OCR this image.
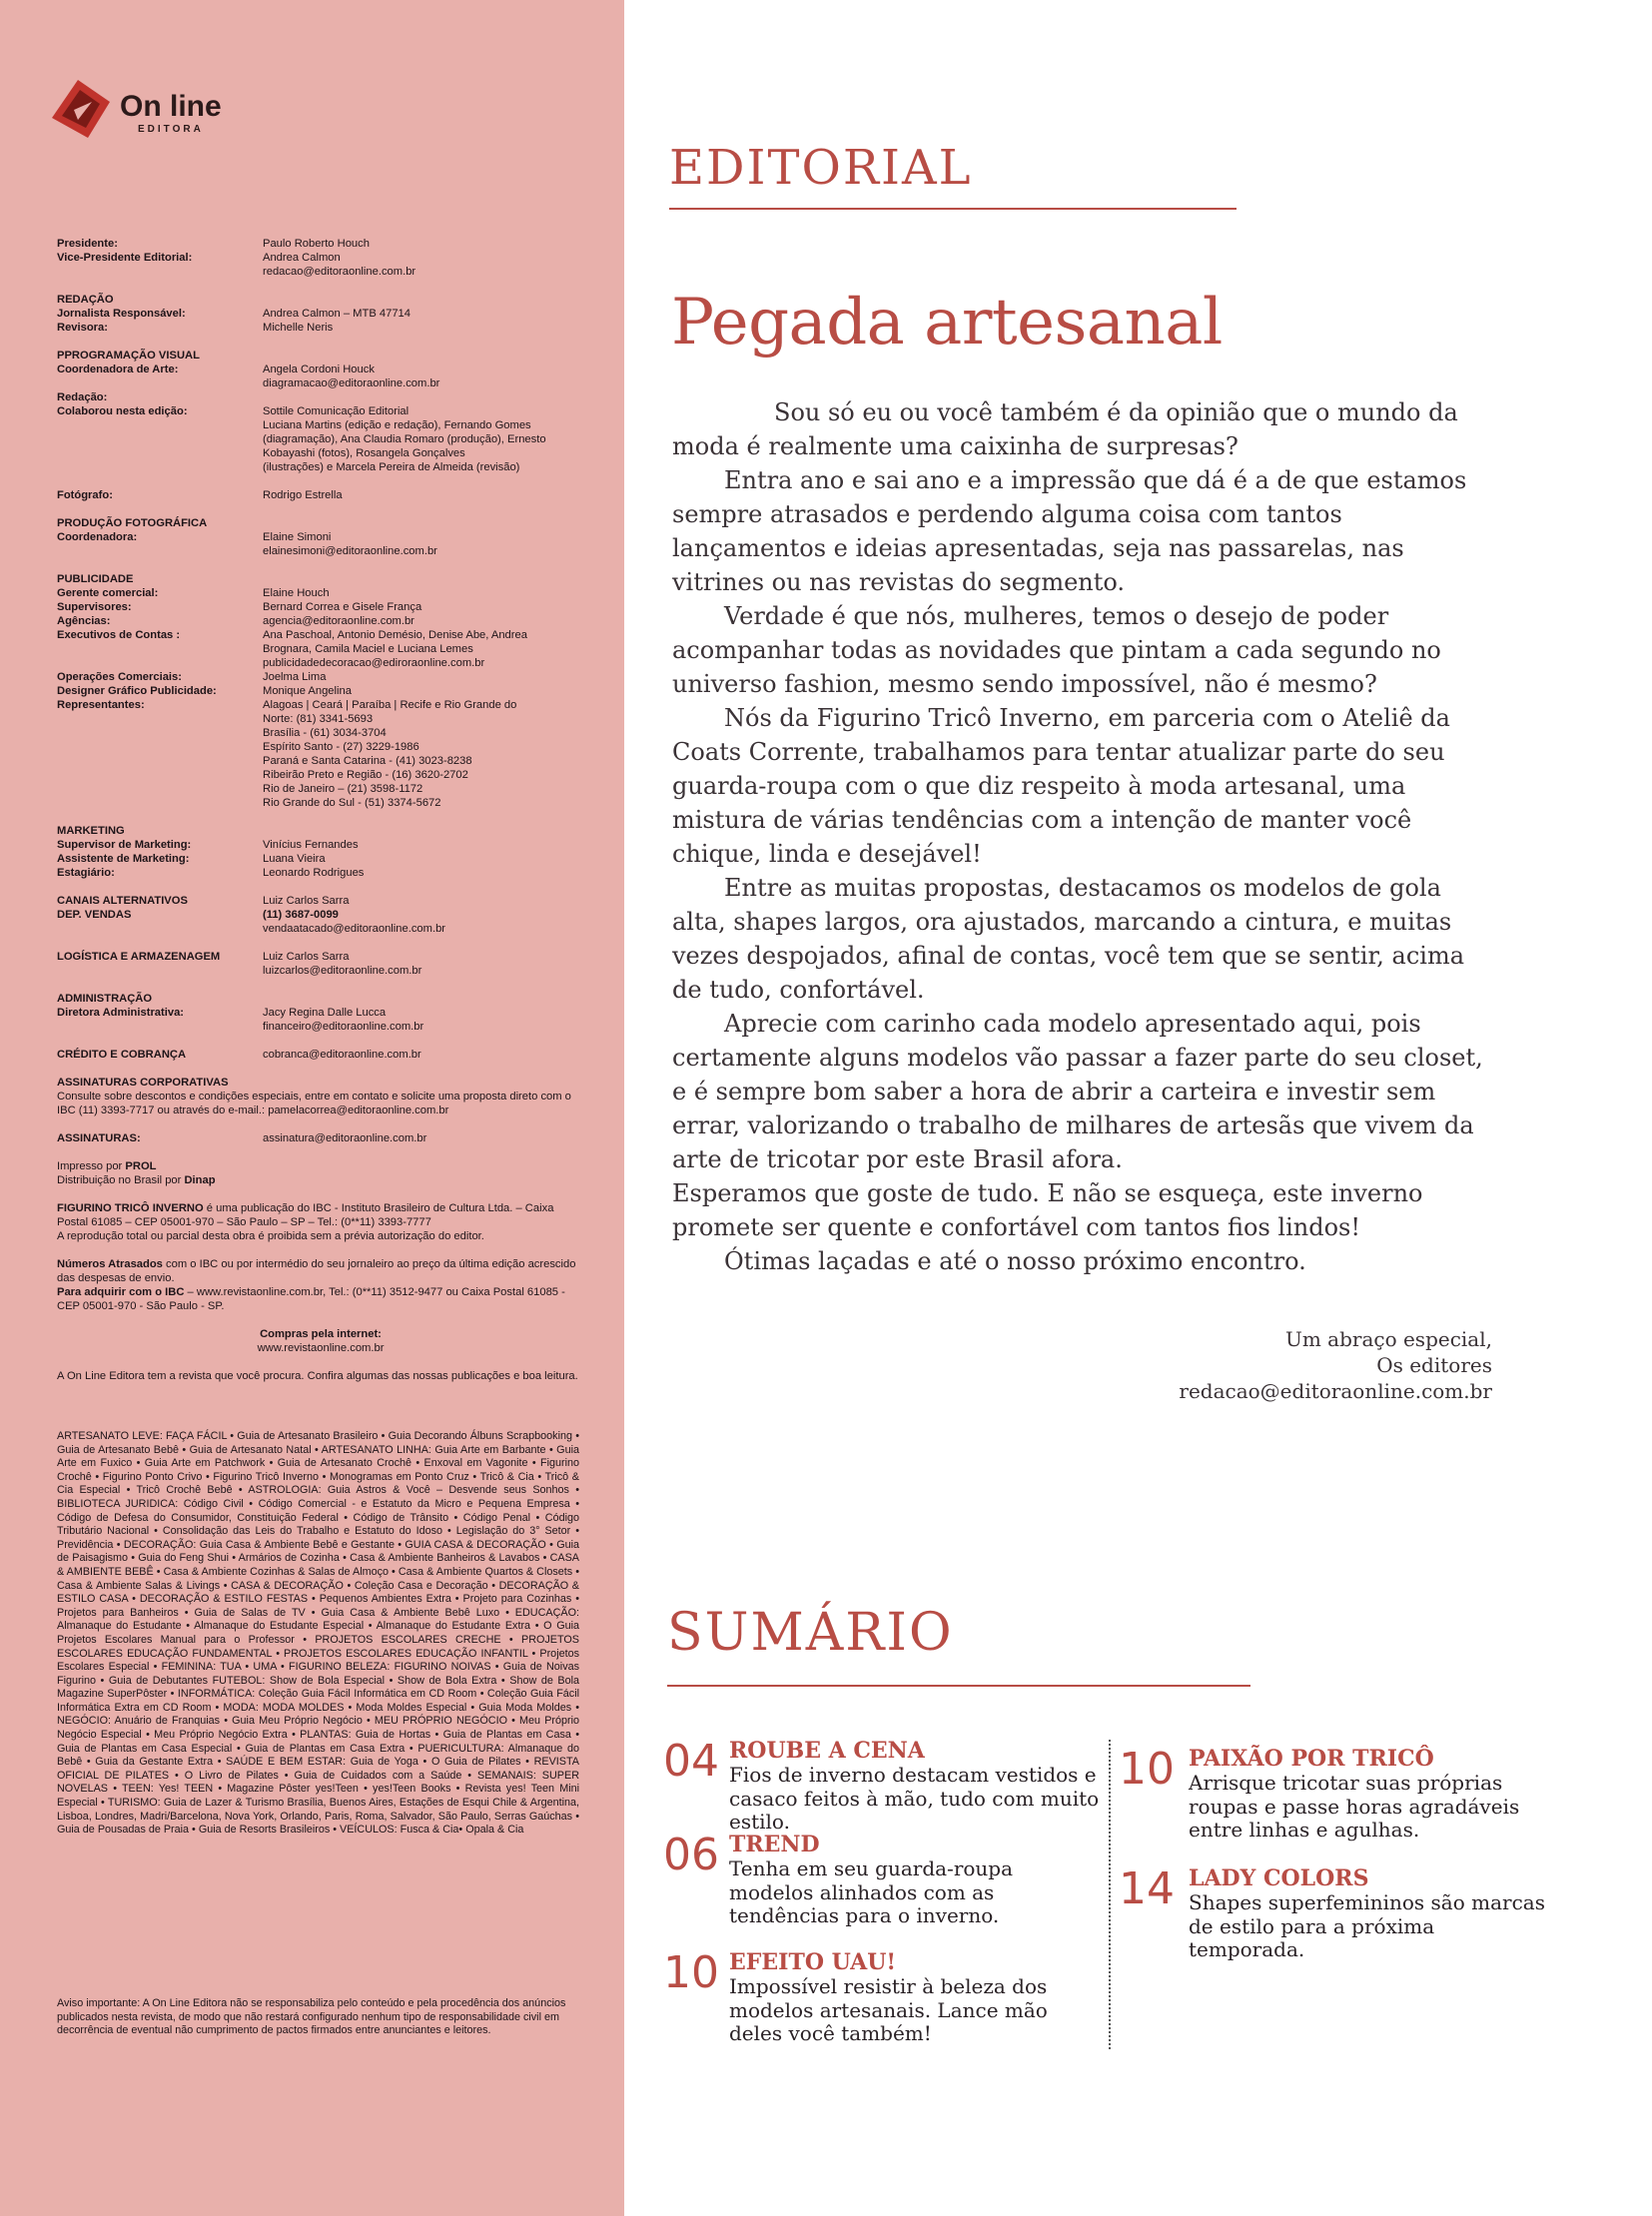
On line
EDITORA
Presidente:	Paulo Roberto Houch
Vice-Presidente Editorial:	Andrea Calmon
redacao@editoraonline.com.br
REDAÇÃO
Jornalista Responsável:	Andrea Calmon – MTB 47714
Revisora:	Michelle Neris
PPROGRAMAÇÃO VISUAL
Coordenadora de Arte:	Angela Cordoni Houck
diagramacao@editoraonline.com.br
Redação:
Colaborou nesta edição:	Sottile Comunicação Editorial
Luciana Martins (edição e redação), Fernando Gomes
(diagramação), Ana Claudia Romaro (produção), Ernesto
Kobayashi (fotos), Rosangela Gonçalves
(ilustrações) e Marcela Pereira de Almeida (revisão)
Fotógrafo:	Rodrigo Estrella
PRODUÇÃO FOTOGRÁFICA
Coordenadora:	Elaine Simoni
elainesimoni@editoraonline.com.br
PUBLICIDADE
Gerente comercial:	Elaine Houch
Supervisores:	Bernard Correa e Gisele França
Agências:	agencia@editoraonline.com.br
Executivos de Contas :	Ana Paschoal, Antonio Demésio, Denise Abe, Andrea
Brognara, Camila Maciel e Luciana Lemes
publicidadedecoracao@ediroraonline.com.br
Operações Comerciais:	Joelma Lima
Designer Gráfico Publicidade:	Monique Angelina
Representantes:	Alagoas | Ceará | Paraíba | Recife e Rio Grande do
Norte: (81) 3341-5693
Brasília - (61) 3034-3704
Espírito Santo - (27) 3229-1986
Paraná e Santa Catarina - (41) 3023-8238
Ribeirão Preto e Região - (16) 3620-2702
Rio de Janeiro – (21) 3598-1172
Rio Grande do Sul - (51) 3374-5672
MARKETING
Supervisor de Marketing:	Vinícius Fernandes
Assistente de Marketing:	Luana Vieira
Estagiário:	Leonardo Rodrigues
CANAIS ALTERNATIVOS	Luiz Carlos Sarra
DEP. VENDAS	(11) 3687-0099
vendaatacado@editoraonline.com.br
LOGÍSTICA E ARMAZENAGEM	Luiz Carlos Sarra
luizcarlos@editoraonline.com.br
ADMINISTRAÇÃO
Diretora Administrativa:	Jacy Regina Dalle Lucca
financeiro@editoraonline.com.br
CRÉDITO E COBRANÇA	cobranca@editoraonline.com.br
ASSINATURAS CORPORATIVAS
Consulte sobre descontos e condições especiais, entre em contato e solicite uma proposta direto com o IBC (11) 3393-7717 ou através do e-mail.: pamelacorrea@editoraonline.com.br
ASSINATURAS:	assinatura@editoraonline.com.br
Impresso por PROL
Distribuição no Brasil por Dinap
FIGURINO TRICÔ INVERNO é uma publicação do IBC - Instituto Brasileiro de Cultura Ltda. – Caixa Postal 61085 – CEP 05001-970 – São Paulo – SP – Tel.: (0**11) 3393-7777
A reprodução total ou parcial desta obra é proibida sem a prévia autorização do editor.
Números Atrasados com o IBC ou por intermédio do seu jornaleiro ao preço da última edição acrescido das despesas de envio.
Para adquirir com o IBC – www.revistaonline.com.br, Tel.: (0**11) 3512-9477 ou Caixa Postal 61085 - CEP 05001-970 - São Paulo - SP.
Compras pela internet:
www.revistaonline.com.br
A On Line Editora tem a revista que você procura. Confira algumas das nossas publicações e boa leitura.
ARTESANATO LEVE: FAÇA FÁCIL • Guia de Artesanato Brasileiro • Guia Decorando Álbuns Scrapbooking • Guia de Artesanato Bebê • Guia de Artesanato Natal • ARTESANATO LINHA: Guia Arte em Barbante • Guia Arte em Fuxico • Guia Arte em Patchwork • Guia de Artesanato Crochê • Enxoval em Vagonite • Figurino Crochê • Figurino Ponto Crivo • Figurino Tricô Inverno • Monogramas em Ponto Cruz • Tricô & Cia • Tricô & Cia Especial • Tricô Crochê Bebê • ASTROLOGIA: Guia Astros & Você – Desvende seus Sonhos • BIBLIOTECA JURIDICA: Código Civil • Código Comercial - e Estatuto da Micro e Pequena Empresa • Código de Defesa do Consumidor, Constituição Federal • Código de Trânsito • Código Penal • Código Tributário Nacional • Consolidação das Leis do Trabalho e Estatuto do Idoso • Legislação do 3° Setor • Previdência • DECORAÇÃO: Guia Casa & Ambiente Bebê e Gestante • GUIA CASA & DECORAÇÃO • Guia de Paisagismo • Guia do Feng Shui • Armários de Cozinha • Casa & Ambiente Banheiros & Lavabos • CASA & AMBIENTE BEBÊ • Casa & Ambiente Cozinhas & Salas de Almoço • Casa & Ambiente Quartos & Closets • Casa & Ambiente Salas & Livings • CASA & DECORAÇÃO • Coleção Casa e Decoração • DECORAÇÃO & ESTILO CASA • DECORAÇÃO & ESTILO FESTAS • Pequenos Ambientes Extra • Projeto para Cozinhas • Projetos para Banheiros • Guia de Salas de TV • Guia Casa & Ambiente Bebê Luxo • EDUCAÇÃO: Almanaque do Estudante • Almanaque do Estudante Especial • Almanaque do Estudante Extra • O Guia Projetos Escolares Manual para o Professor • PROJETOS ESCOLARES CRECHE • PROJETOS ESCOLARES EDUCAÇÃO FUNDAMENTAL • PROJETOS ESCOLARES EDUCAÇÃO INFANTIL • Projetos Escolares Especial • FEMININA: TUA • UMA • FIGURINO BELEZA: FIGURINO NOIVAS • Guia de Noivas Figurino • Guia de Debutantes FUTEBOL: Show de Bola Especial • Show de Bola Extra • Show de Bola Magazine SuperPôster • INFORMÁTICA: Coleção Guia Fácil Informática em CD Room • Coleção Guia Fácil Informática Extra em CD Room • MODA: MODA MOLDES • Moda Moldes Especial • Guia Moda Moldes • NEGÓCIO: Anuário de Franquias • Guia Meu Próprio Negócio • MEU PRÓPRIO NEGÓCIO • Meu Próprio Negócio Especial • Meu Próprio Negócio Extra • PLANTAS: Guia de Hortas • Guia de Plantas em Casa • Guia de Plantas em Casa Especial • Guia de Plantas em Casa Extra • PUERICULTURA: Almanaque do Bebê • Guia da Gestante Extra • SAÚDE E BEM ESTAR: Guia de Yoga • O Guia de Pilates • REVISTA OFICIAL DE PILATES • O Livro de Pilates • Guia de Cuidados com a Saúde • SEMANAIS: SUPER NOVELAS • TEEN: Yes! TEEN • Magazine Pôster yes!Teen • yes!Teen Books • Revista yes! Teen Mini Especial • TURISMO: Guia de Lazer & Turismo Brasília, Buenos Aires, Estações de Esqui Chile & Argentina, Lisboa, Londres, Madri/Barcelona, Nova York, Orlando, Paris, Roma, Salvador, São Paulo, Serras Gaúchas • Guia de Pousadas de Praia • Guia de Resorts Brasileiros • VEÍCULOS: Fusca & Cia• Opala & Cia
Aviso importante: A On Line Editora não se responsabiliza pelo conteúdo e pela procedência dos anúncios publicados nesta revista, de modo que não restará configurado nenhum tipo de responsabilidade civil em decorrência de eventual não cumprimento de pactos firmados entre anunciantes e leitores.
EDITORIAL
Pegada artesanal

Sou só eu ou você também é da opinião que o mundo da moda é realmente uma caixinha de surpresas?

Entra ano e sai ano e a impressão que dá é a de que estamos sempre atrasados e perdendo alguma coisa com tantos lançamentos e ideias apresentadas, seja nas passarelas, nas vitrines ou nas revistas do segmento.

Verdade é que nós, mulheres, temos o desejo de poder acompanhar todas as novidades que pintam a cada segundo no universo fashion, mesmo sendo impossível, não é mesmo?

Nós da Figurino Tricô Inverno, em parceria com o Ateliê da Coats Corrente, trabalhamos para tentar atualizar parte do seu guarda-roupa com o que diz respeito à moda artesanal, uma mistura de várias tendências com a intenção de manter você chique, linda e desejável!

Entre as muitas propostas, destacamos os modelos de gola alta, shapes largos, ora ajustados, marcando a cintura, e muitas vezes despojados, afinal de contas, você tem que se sentir, acima de tudo, confortável.

Aprecie com carinho cada modelo apresentado aqui, pois certamente alguns modelos vão passar a fazer parte do seu closet, e é sempre bom saber a hora de abrir a carteira e investir sem errar, valorizando o trabalho de milhares de artesãs que vivem da arte de tricotar por este Brasil afora.

Esperamos que goste de tudo. E não se esqueça, este inverno promete ser quente e confortável com tantos fios lindos!

Ótimas laçadas e até o nosso próximo encontro.

Um abraço especial,
Os editores
redacao@editoraonline.com.br
SUMÁRIO
04 ROUBE A CENA
Fios de inverno destacam vestidos e casaco feitos à mão, tudo com muito estilo.
06 TREND
Tenha em seu guarda-roupa modelos alinhados com as tendências para o inverno.
10 EFEITO UAU!
Impossível resistir à beleza dos modelos artesanais. Lance mão deles você também!
10 PAIXÃO POR TRICÔ
Arrisque tricotar suas próprias roupas e passe horas agradáveis entre linhas e agulhas.
14 LADY COLORS
Shapes superfemininos são marcas de estilo para a próxima temporada.
